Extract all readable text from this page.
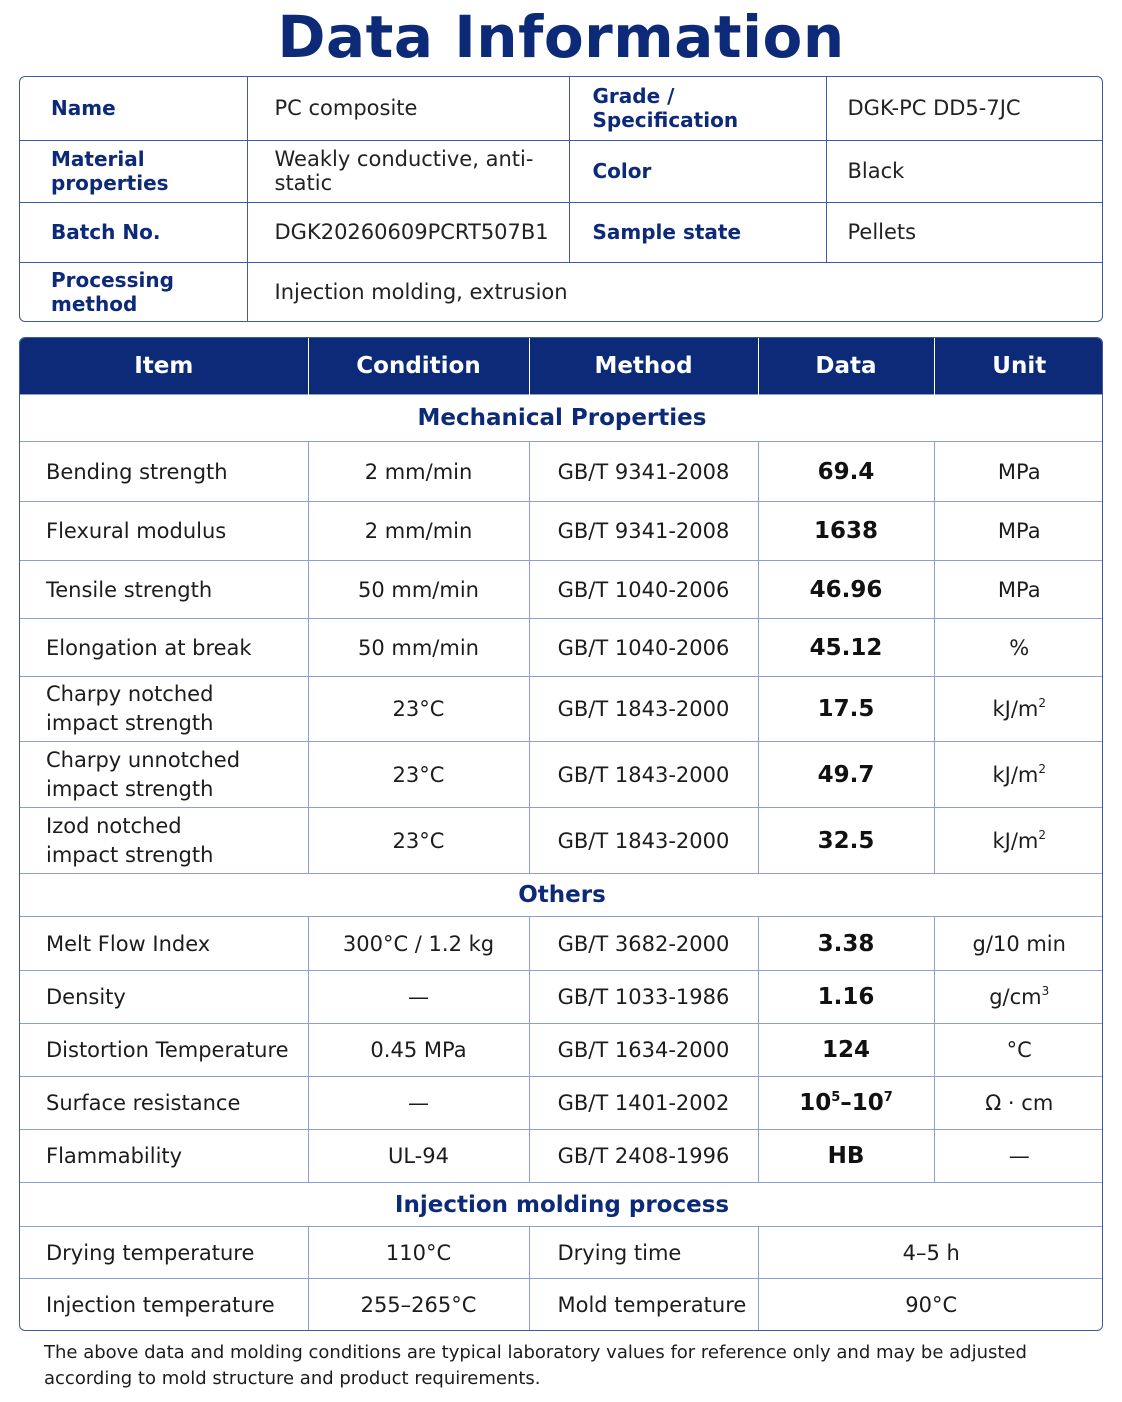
Data Information
Name	PC composite	Grade / Specification	DGK-PC DD5-7JC
Material properties	Weakly conductive, anti-static	Color	Black
Batch No.	DGK20260609PCRT507B1	Sample state	Pellets
Processing method	Injection molding, extrusion		
Item	Condition	Method	Data	Unit
Mechanical Properties				
Bending strength	2 mm/min	GB/T 9341-2008	69.4	MPa
Flexural modulus	2 mm/min	GB/T 9341-2008	1638	MPa
Tensile strength	50 mm/min	GB/T 1040-2006	46.96	MPa
Elongation at break	50 mm/min	GB/T 1040-2006	45.12	%
Charpy notched
impact strength	23°C	GB/T 1843-2000	17.5	$kJ/m^2$
Charpy unnotched
impact strength	23°C	GB/T 1843-2000	49.7	$kJ/m^2$
Izod notched
impact strength	23°C	GB/T 1843-2000	32.5	$kJ/m^2$
Others				
Melt Flow Index	300°C / 1.2 kg	GB/T 3682-2000	3.38	g/10 min
Density	—	GB/T 1033-1986	1.16	$g/cm^3$
Distortion Temperature	0.45 MPa	GB/T 1634-2000	124	°C
Surface resistance	—	GB/T 1401-2002	$10^5-10^7$	Ω · cm
Flammability	UL-94	GB/T 2408-1996	HB	—
Injection molding process				
Drying temperature	110°C	Drying time	4–5 h	
Injection temperature	255–265°C	Mold temperature	90°C	
The above data and molding conditions are typical laboratory values for reference only and may be adjusted
according to mold structure and product requirements.
